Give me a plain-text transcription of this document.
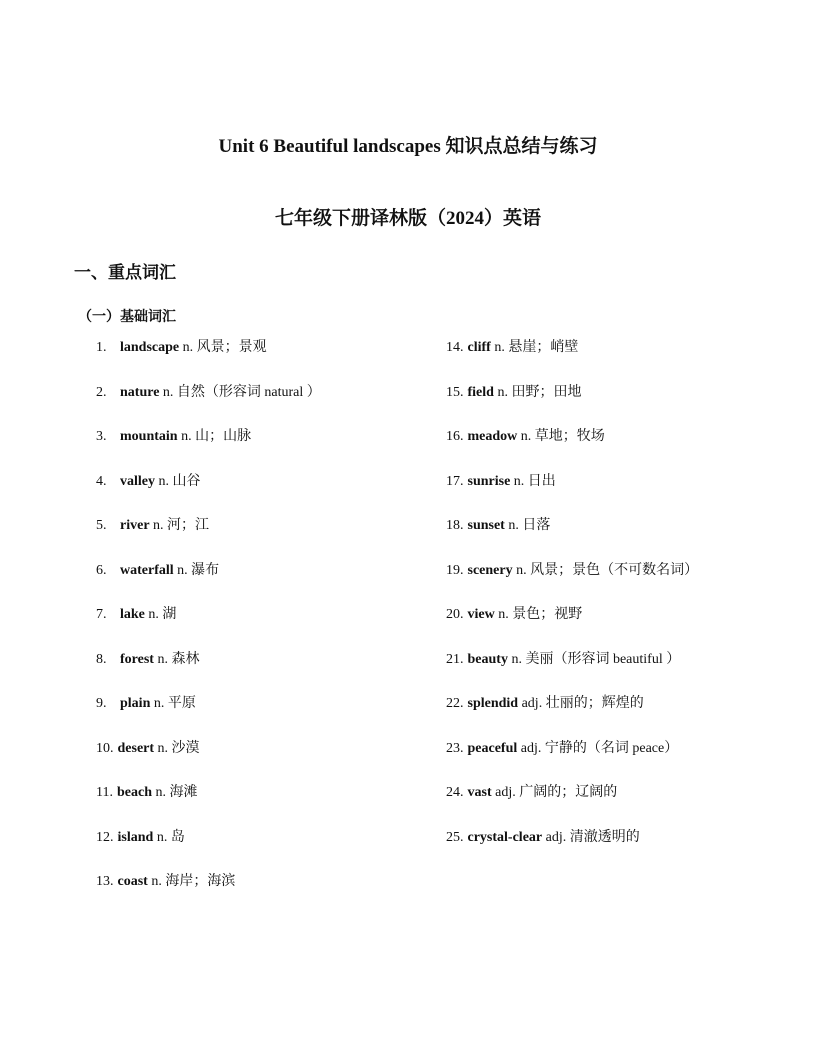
Unit 6 Beautiful landscapes 知识点总结与练习
七年级下册译林版（2024）英语
一、重点词汇
（一）基础词汇
1. landscape n. 风景；景观
2. nature n. 自然（形容词 natural ）
3. mountain n. 山；山脉
4. valley n. 山谷
5. river n. 河；江
6. waterfall n. 瀑布
7. lake n. 湖
8. forest n. 森林
9. plain n. 平原
10. desert n. 沙漠
11. beach n. 海滩
12. island n. 岛
13. coast n. 海岸；海滨
14. cliff n. 悬崖；峭壁
15. field n. 田野；田地
16. meadow n. 草地；牧场
17. sunrise n. 日出
18. sunset n. 日落
19. scenery n. 风景；景色（不可数名词）
20. view n. 景色；视野
21. beauty n. 美丽（形容词 beautiful ）
22. splendid adj. 壮丽的；辉煌的
23. peaceful adj. 宁静的（名词 peace）
24. vast adj. 广阔的；辽阔的
25. crystal-clear adj. 清澈透明的
